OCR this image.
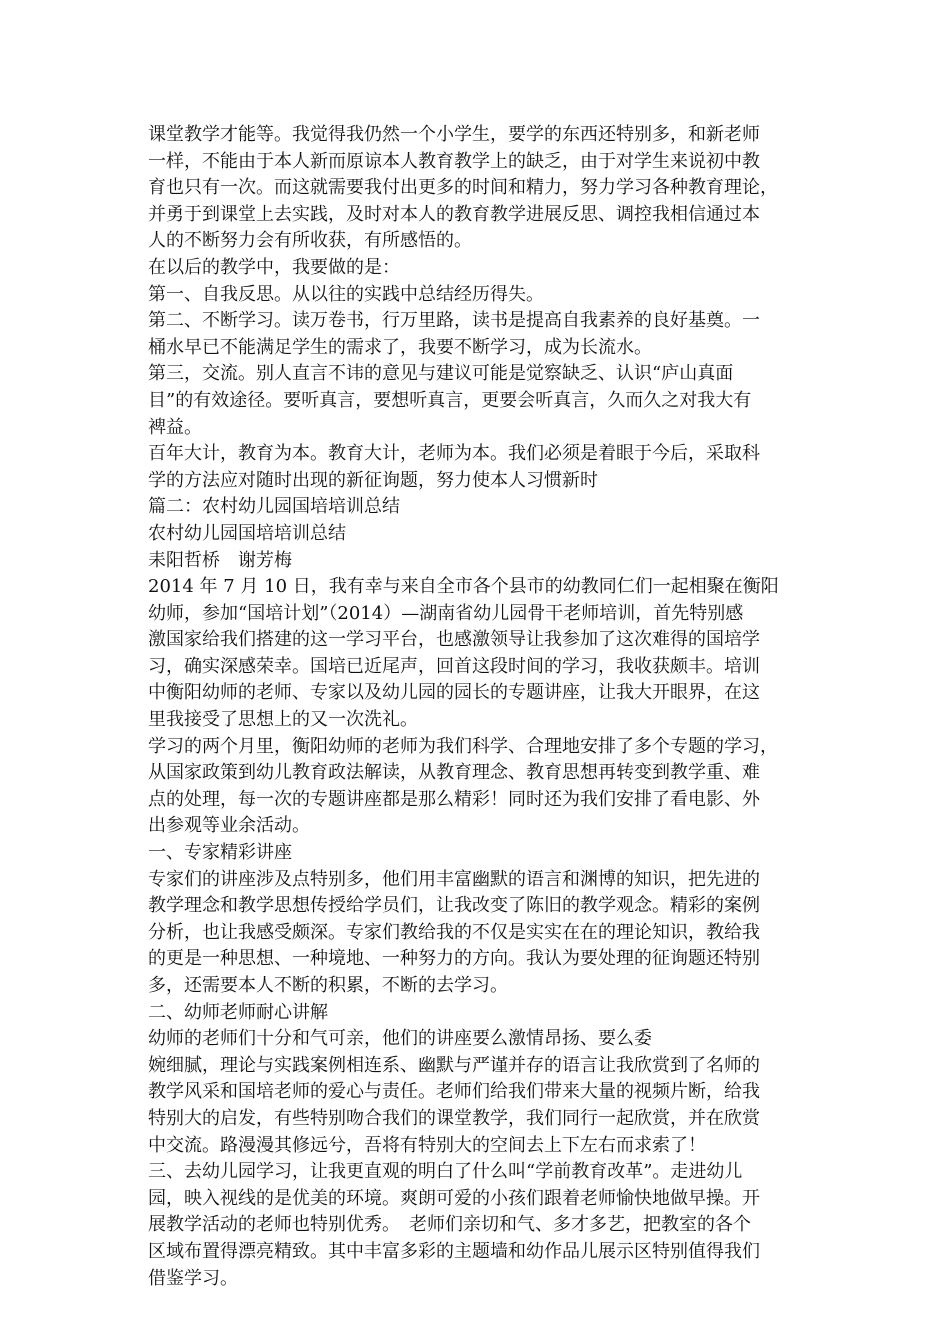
课堂教学才能等。我觉得我仍然一个小学生，要学的东西还特别多，和新老师
一样，不能由于本人新而原谅本人教育教学上的缺乏，由于对学生来说初中教
育也只有一次。而这就需要我付出更多的时间和精力，努力学习各种教育理论，
并勇于到课堂上去实践，及时对本人的教育教学进展反思、调控我相信通过本
人的不断努力会有所收获，有所感悟的。
在以后的教学中，我要做的是：
第一、自我反思。从以往的实践中总结经历得失。
第二、不断学习。读万卷书，行万里路，读书是提高自我素养的良好基奠。一
桶水早已不能满足学生的需求了，我要不断学习，成为长流水。
第三，交流。别人直言不讳的意见与建议可能是觉察缺乏、认识“庐山真面
目”的有效途径。要听真言，要想听真言，更要会听真言，久而久之对我大有
裨益。
百年大计，教育为本。教育大计，老师为本。我们必须是着眼于今后，采取科
学的方法应对随时出现的新征询题，努力使本人习惯新时
篇二：农村幼儿园国培培训总结
农村幼儿园国培培训总结
耒阳哲桥　谢芳梅
2014 年 7 月 10 日，我有幸与来自全市各个县市的幼教同仁们一起相聚在衡阳
幼师，参加“国培计划”（2014）—湖南省幼儿园骨干老师培训，首先特别感
激国家给我们搭建的这一学习平台，也感激领导让我参加了这次难得的国培学
习，确实深感荣幸。国培已近尾声，回首这段时间的学习，我收获颇丰。培训
中衡阳幼师的老师、专家以及幼儿园的园长的专题讲座，让我大开眼界，在这
里我接受了思想上的又一次洗礼。
学习的两个月里，衡阳幼师的老师为我们科学、合理地安排了多个专题的学习，
从国家政策到幼儿教育政法解读，从教育理念、教育思想再转变到教学重、难
点的处理，每一次的专题讲座都是那么精彩！同时还为我们安排了看电影、外
出参观等业余活动。
一、专家精彩讲座
专家们的讲座涉及点特别多，他们用丰富幽默的语言和渊博的知识，把先进的
教学理念和教学思想传授给学员们，让我改变了陈旧的教学观念。精彩的案例
分析，也让我感受颇深。专家们教给我的不仅是实实在在的理论知识，教给我
的更是一种思想、一种境地、一种努力的方向。我认为要处理的征询题还特别
多，还需要本人不断的积累，不断的去学习。
二、幼师老师耐心讲解
幼师的老师们十分和气可亲，他们的讲座要么激情昂扬、要么委
婉细腻，理论与实践案例相连系、幽默与严谨并存的语言让我欣赏到了名师的
教学风采和国培老师的爱心与责任。老师们给我们带来大量的视频片断，给我
特别大的启发，有些特别吻合我们的课堂教学，我们同行一起欣赏，并在欣赏
中交流。路漫漫其修远兮，吾将有特别大的空间去上下左右而求索了！
三、去幼儿园学习，让我更直观的明白了什么叫“学前教育改革”。走进幼儿
园，映入视线的是优美的环境。爽朗可爱的小孩们跟着老师愉快地做早操。开
展教学活动的老师也特别优秀。　老师们亲切和气、多才多艺，把教室的各个
区域布置得漂亮精致。其中丰富多彩的主题墙和幼作品儿展示区特别值得我们
借鉴学习。
